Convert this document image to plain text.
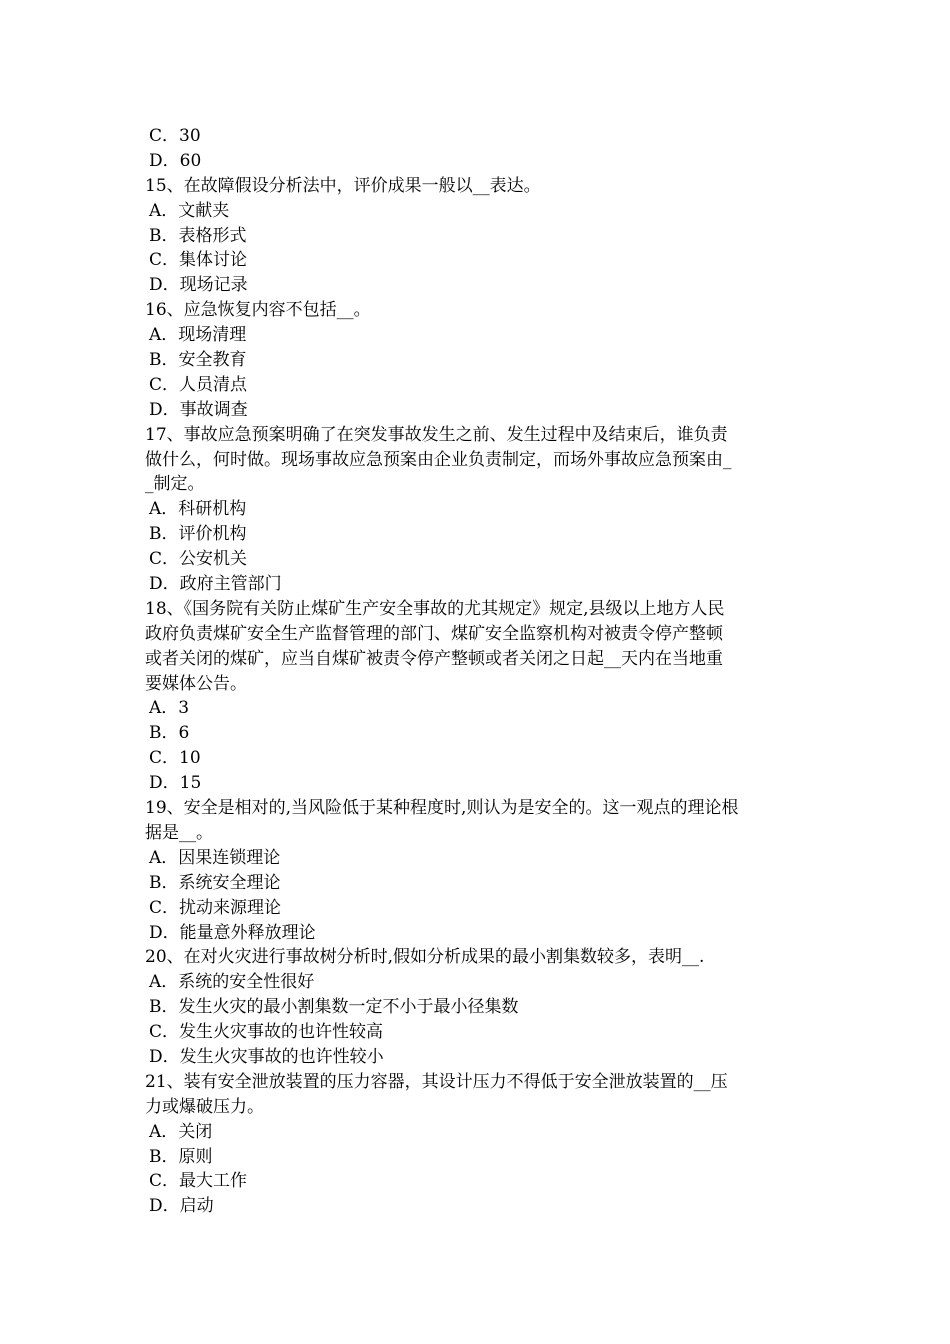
C．30
D．60
15、在故障假设分析法中，评价成果一般以__表达。
A．文献夹
B．表格形式
C．集体讨论
D．现场记录
16、应急恢复内容不包括__。
A．现场清理
B．安全教育
C．人员清点
D．事故调查
17、事故应急预案明确了在突发事故发生之前、发生过程中及结束后，谁负责
做什么，何时做。现场事故应急预案由企业负责制定，而场外事故应急预案由_
_制定。
A．科研机构
B．评价机构
C．公安机关
D．政府主管部门
18、《国务院有关防止煤矿生产安全事故的尤其规定》规定,县级以上地方人民
政府负责煤矿安全生产监督管理的部门、煤矿安全监察机构对被责令停产整顿
或者关闭的煤矿，应当自煤矿被责令停产整顿或者关闭之日起__天内在当地重
要媒体公告。
A．3
B．6
C．10
D．15
19、安全是相对的,当风险低于某种程度时,则认为是安全的。这一观点的理论根
据是__。
A．因果连锁理论
B．系统安全理论
C．扰动来源理论
D．能量意外释放理论
20、在对火灾进行事故树分析时,假如分析成果的最小割集数较多，表明__.
A．系统的安全性很好
B．发生火灾的最小割集数一定不小于最小径集数
C．发生火灾事故的也许性较高
D．发生火灾事故的也许性较小
21、装有安全泄放装置的压力容器，其设计压力不得低于安全泄放装置的__压
力或爆破压力。
A．关闭
B．原则
C．最大工作
D．启动
